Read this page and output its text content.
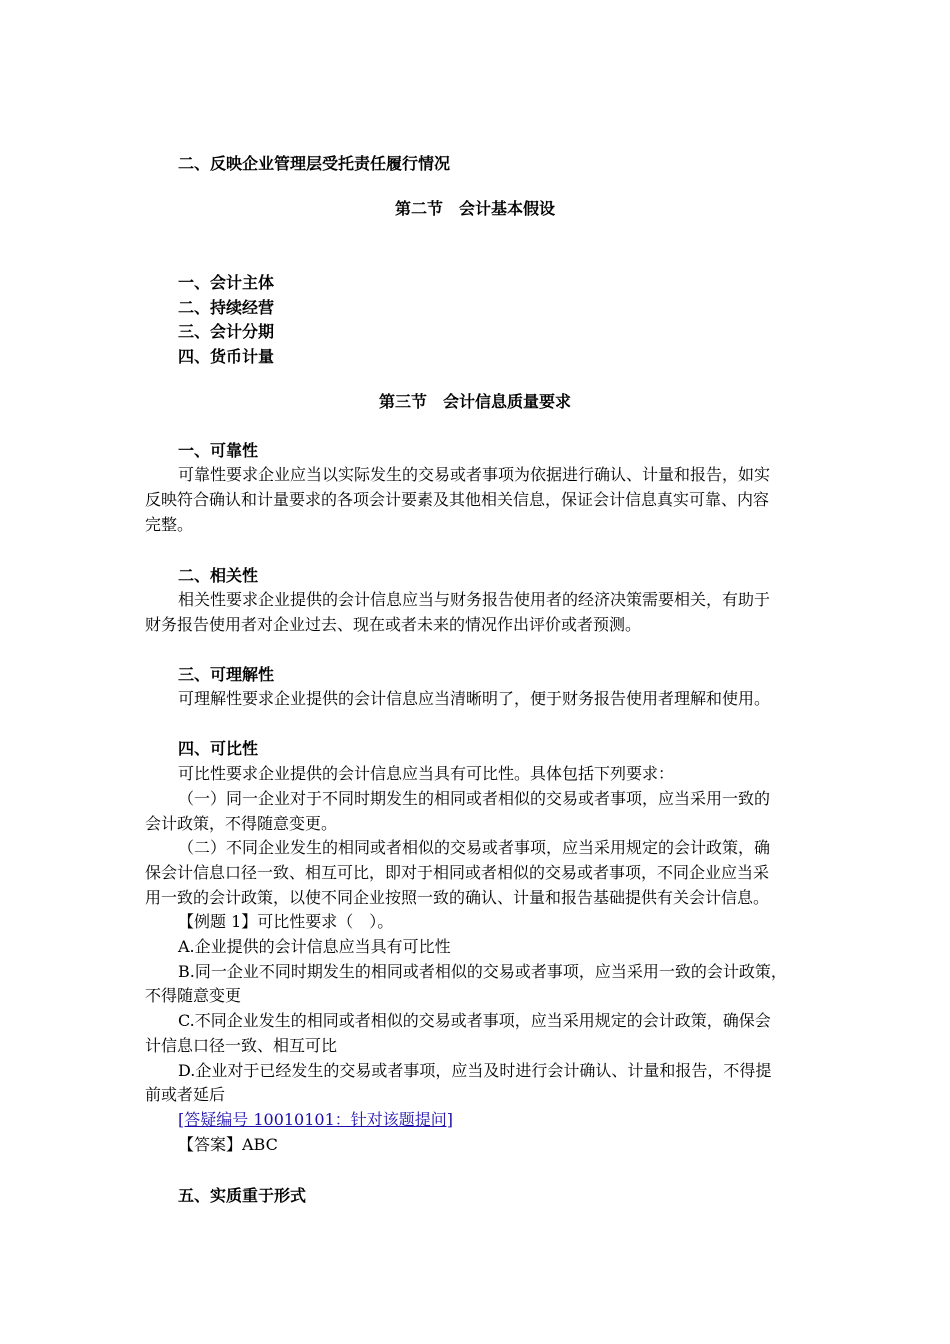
二、反映企业管理层受托责任履行情况
第二节　会计基本假设
一、会计主体
二、持续经营
三、会计分期
四、货币计量
第三节　会计信息质量要求
一、可靠性
可靠性要求企业应当以实际发生的交易或者事项为依据进行确认、计量和报告，如实
反映符合确认和计量要求的各项会计要素及其他相关信息，保证会计信息真实可靠、内容
完整。
二、相关性
相关性要求企业提供的会计信息应当与财务报告使用者的经济决策需要相关，有助于
财务报告使用者对企业过去、现在或者未来的情况作出评价或者预测。
三、可理解性
可理解性要求企业提供的会计信息应当清晰明了，便于财务报告使用者理解和使用。
四、可比性
可比性要求企业提供的会计信息应当具有可比性。具体包括下列要求：
（一）同一企业对于不同时期发生的相同或者相似的交易或者事项，应当采用一致的
会计政策，不得随意变更。
（二）不同企业发生的相同或者相似的交易或者事项，应当采用规定的会计政策，确
保会计信息口径一致、相互可比，即对于相同或者相似的交易或者事项，不同企业应当采
用一致的会计政策，以使不同企业按照一致的确认、计量和报告基础提供有关会计信息。
【例题 1】可比性要求（　）。
A.企业提供的会计信息应当具有可比性
B.同一企业不同时期发生的相同或者相似的交易或者事项，应当采用一致的会计政策，
不得随意变更
C.不同企业发生的相同或者相似的交易或者事项，应当采用规定的会计政策，确保会
计信息口径一致、相互可比
D.企业对于已经发生的交易或者事项，应当及时进行会计确认、计量和报告，不得提
前或者延后
[答疑编号 10010101：针对该题提问]
【答案】ABC
五、实质重于形式
